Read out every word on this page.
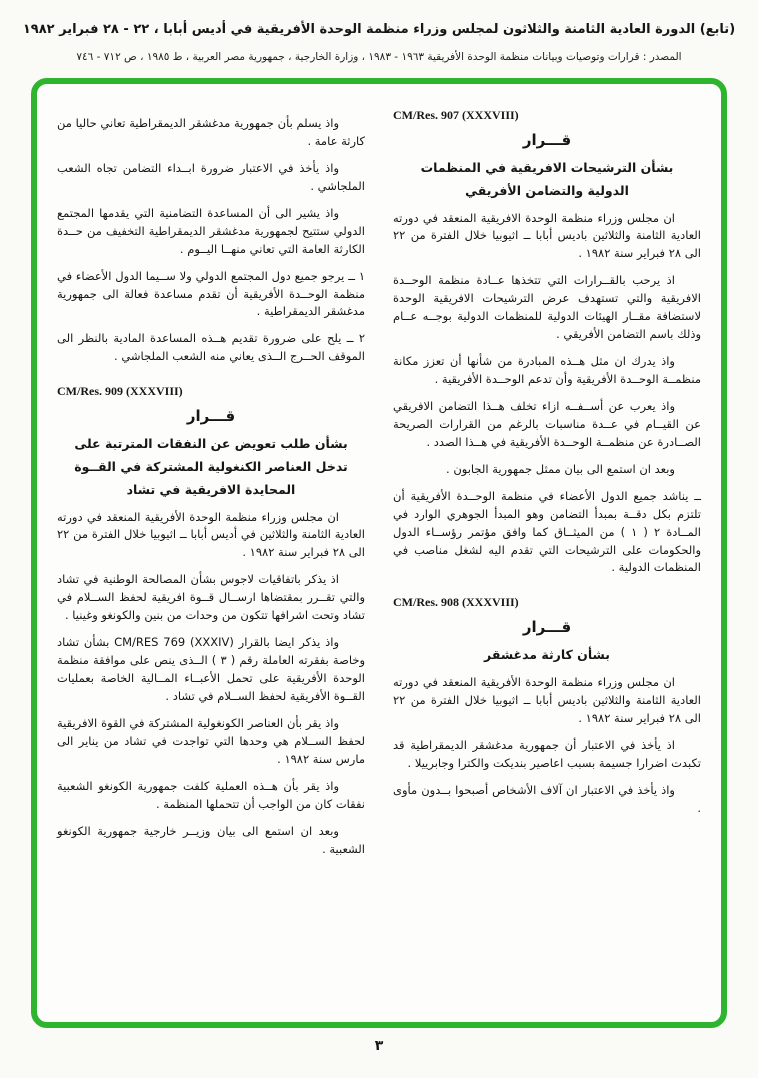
(تابع) الدورة العادية الثامنة والثلاثون لمجلس وزراء منظمة الوحدة الأفريقية في أديس أبابا ، ٢٢ - ٢٨ فبراير ١٩٨٢
المصدر : قرارات وتوصيات وبيانات منظمة الوحدة الأفريقية ١٩٦٣ - ١٩٨٣ ، وزارة الخارجية ، جمهورية مصر العربية ، ط ١٩٨٥ ، ص ٧١٢ - ٧٤٦
CM/Res. 907 (XXXVIII)
قـــرار
بشأن الترشيحات الافريقية في المنظمات
الدولية والتضامن الأفريقي

ان مجلس وزراء منظمة الوحدة الافريقية المنعقد في دورته العادية الثامنة والثلاثين باديس أبابا ــ اثيوبيا خلال الفترة من ٢٢ الى ٢٨ فبراير سنة ١٩٨٢ .

اذ يرحب بالقــرارات التي تتخذها عــادة منظمة الوحــدة الافريقية والتي تستهدف عرض الترشيحات الافريقية الوحدة لاستضافة مقــار الهيئات الدولية للمنظمات الدولية بوجــه عــام وذلك باسم التضامن الأفريقي .

واذ يدرك ان مثل هــذه المبادرة من شأنها أن تعزز مكانة منظمــة الوحــدة الأفريقية وأن تدعم الوحــدة الأفريقية .

واذ يعرب عن أســفــه ازاء تخلف هــذا التضامن الافريقي عن القيــام في عــدة مناسبات بالرغم من القرارات الصريحة الصــادرة عن منظمــة الوحــدة الأفريقية في هــذا الصدد .

وبعد ان استمع الى بيان ممثل جمهورية الجابون .

ــ يناشد جميع الدول الأعضاء في منظمة الوحــدة الأفريقية أن تلتزم بكل دقــة بمبدأ التضامن وهو المبدأ الجوهري الوارد في المــادة ٢ ( ١ ) من الميثــاق كما وافق مؤتمر رؤســاء الدول والحكومات على الترشيحات التي تقدم اليه لشغل مناصب في المنظمات الدولية .

CM/Res. 908 (XXXVIII)
قـــرار
بشأن كارثة مدغشقر

ان مجلس وزراء منظمة الوحدة الأفريقية المنعقد في دورته العادية الثامنة والثلاثين باديس أبابا ــ اثيوبيا خلال الفترة من ٢٢ الى ٢٨ فبراير سنة ١٩٨٢ .

اذ يأخذ في الاعتبار أن جمهورية مدغشقر الديمقراطية قد تكبدت اضرارا جسيمة بسبب اعاصير بنديكت والكترا وجابرييلا .

واذ يأخذ في الاعتبار ان آلاف الأشخاص أصبحوا بــدون مأوى .

واذ يسلم بأن جمهورية مدغشقر الديمقراطية تعاني حاليا من كارثة عامة .

واذ يأخذ في الاعتبار ضرورة ابــداء التضامن تجاه الشعب الملجاشي .

واذ يشير الى أن المساعدة التضامنية التي يقدمها المجتمع الدولي ستتيح لجمهورية مدغشقر الديمقراطية التخفيف من حــدة الكارثة العامة التي تعاني منهــا اليــوم .

١ ــ يرجو جميع دول المجتمع الدولي ولا ســيما الدول الأعضاء في منظمة الوحــدة الأفريقية أن تقدم مساعدة فعالة الى جمهورية مدغشقر الديمقراطية .

٢ ــ يلح على ضرورة تقديم هــذه المساعدة المادية بالنظر الى الموقف الحــرج الــذى يعاني منه الشعب الملجاشي .

CM/Res. 909 (XXXVIII)
قـــرار
بشأن طلب تعويض عن النفقات المترتبة على
تدخل العناصر الكنغولية المشتركة في القــوة
المحايدة الافريقية في تشاد

ان مجلس وزراء منظمة الوحدة الأفريقية المنعقد في دورته العادية الثامنة والثلاثين في أديس أبابا ــ اثيوبيا خلال الفترة من ٢٢ الى ٢٨ فبراير سنة ١٩٨٢ .

اذ يذكر باتفاقيات لاجوس بشأن المصالحة الوطنية في تشاد والتي تقــرر بمقتضاها ارســال قــوة افريقية لحفظ الســلام في تشاد وتحت اشرافها تتكون من وحدات من بنين والكونغو وغينيا .

واذ يذكر ايضا بالقرار CM/RES 769 (XXXIV) بشأن تشاد وخاصة بفقرته العاملة رقم ( ٣ ) الــذى ينص على موافقة منظمة الوحدة الأفريقية على تحمل الأعبــاء المــالية الخاصة بعمليات القــوة الأفريقية لحفظ الســلام في تشاد .

واذ يقر بأن العناصر الكونغولية المشتركة في القوة الافريقية لحفظ الســلام هي وحدها التي تواجدت في تشاد من يناير الى مارس سنة ١٩٨٢ .

واذ يقر بأن هــذه العملية كلفت جمهورية الكونغو الشعبية نفقات كان من الواجب أن تتحملها المنظمة .

وبعد ان استمع الى بيان وزيــر خارجية جمهورية الكونغو الشعبية .

٣
